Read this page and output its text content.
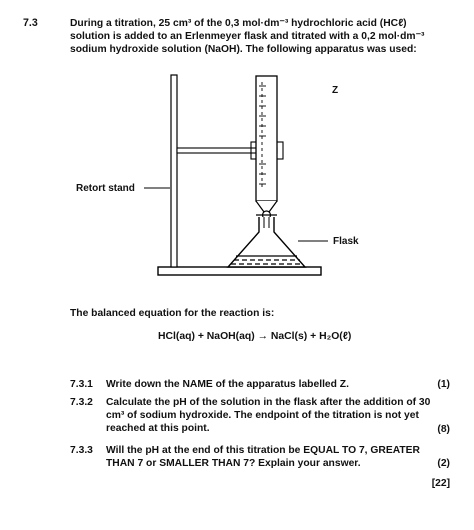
7.3	During a titration, 25 cm³ of the 0,3 mol·dm⁻³ hydrochloric acid (HCℓ) solution is added to an Erlenmeyer flask and titrated with a 0,2 mol·dm⁻³ sodium hydroxide solution (NaOH). The following apparatus was used:
Z
Retort stand
Flask
The balanced equation for the reaction is:
HCl(aq) + NaOH(aq) → NaCl(s) + H₂O(ℓ)
7.3.1 Write down the NAME of the apparatus labelled Z.	(1)
7.3.2 Calculate the pH of the solution in the flask after the addition of 30 cm³ of sodium hydroxide. The endpoint of the titration is not yet reached at this point.	(8)
7.3.3 Will the pH at the end of this titration be EQUAL TO 7, GREATER THAN 7 or SMALLER THAN 7? Explain your answer.	(2)
[22]
